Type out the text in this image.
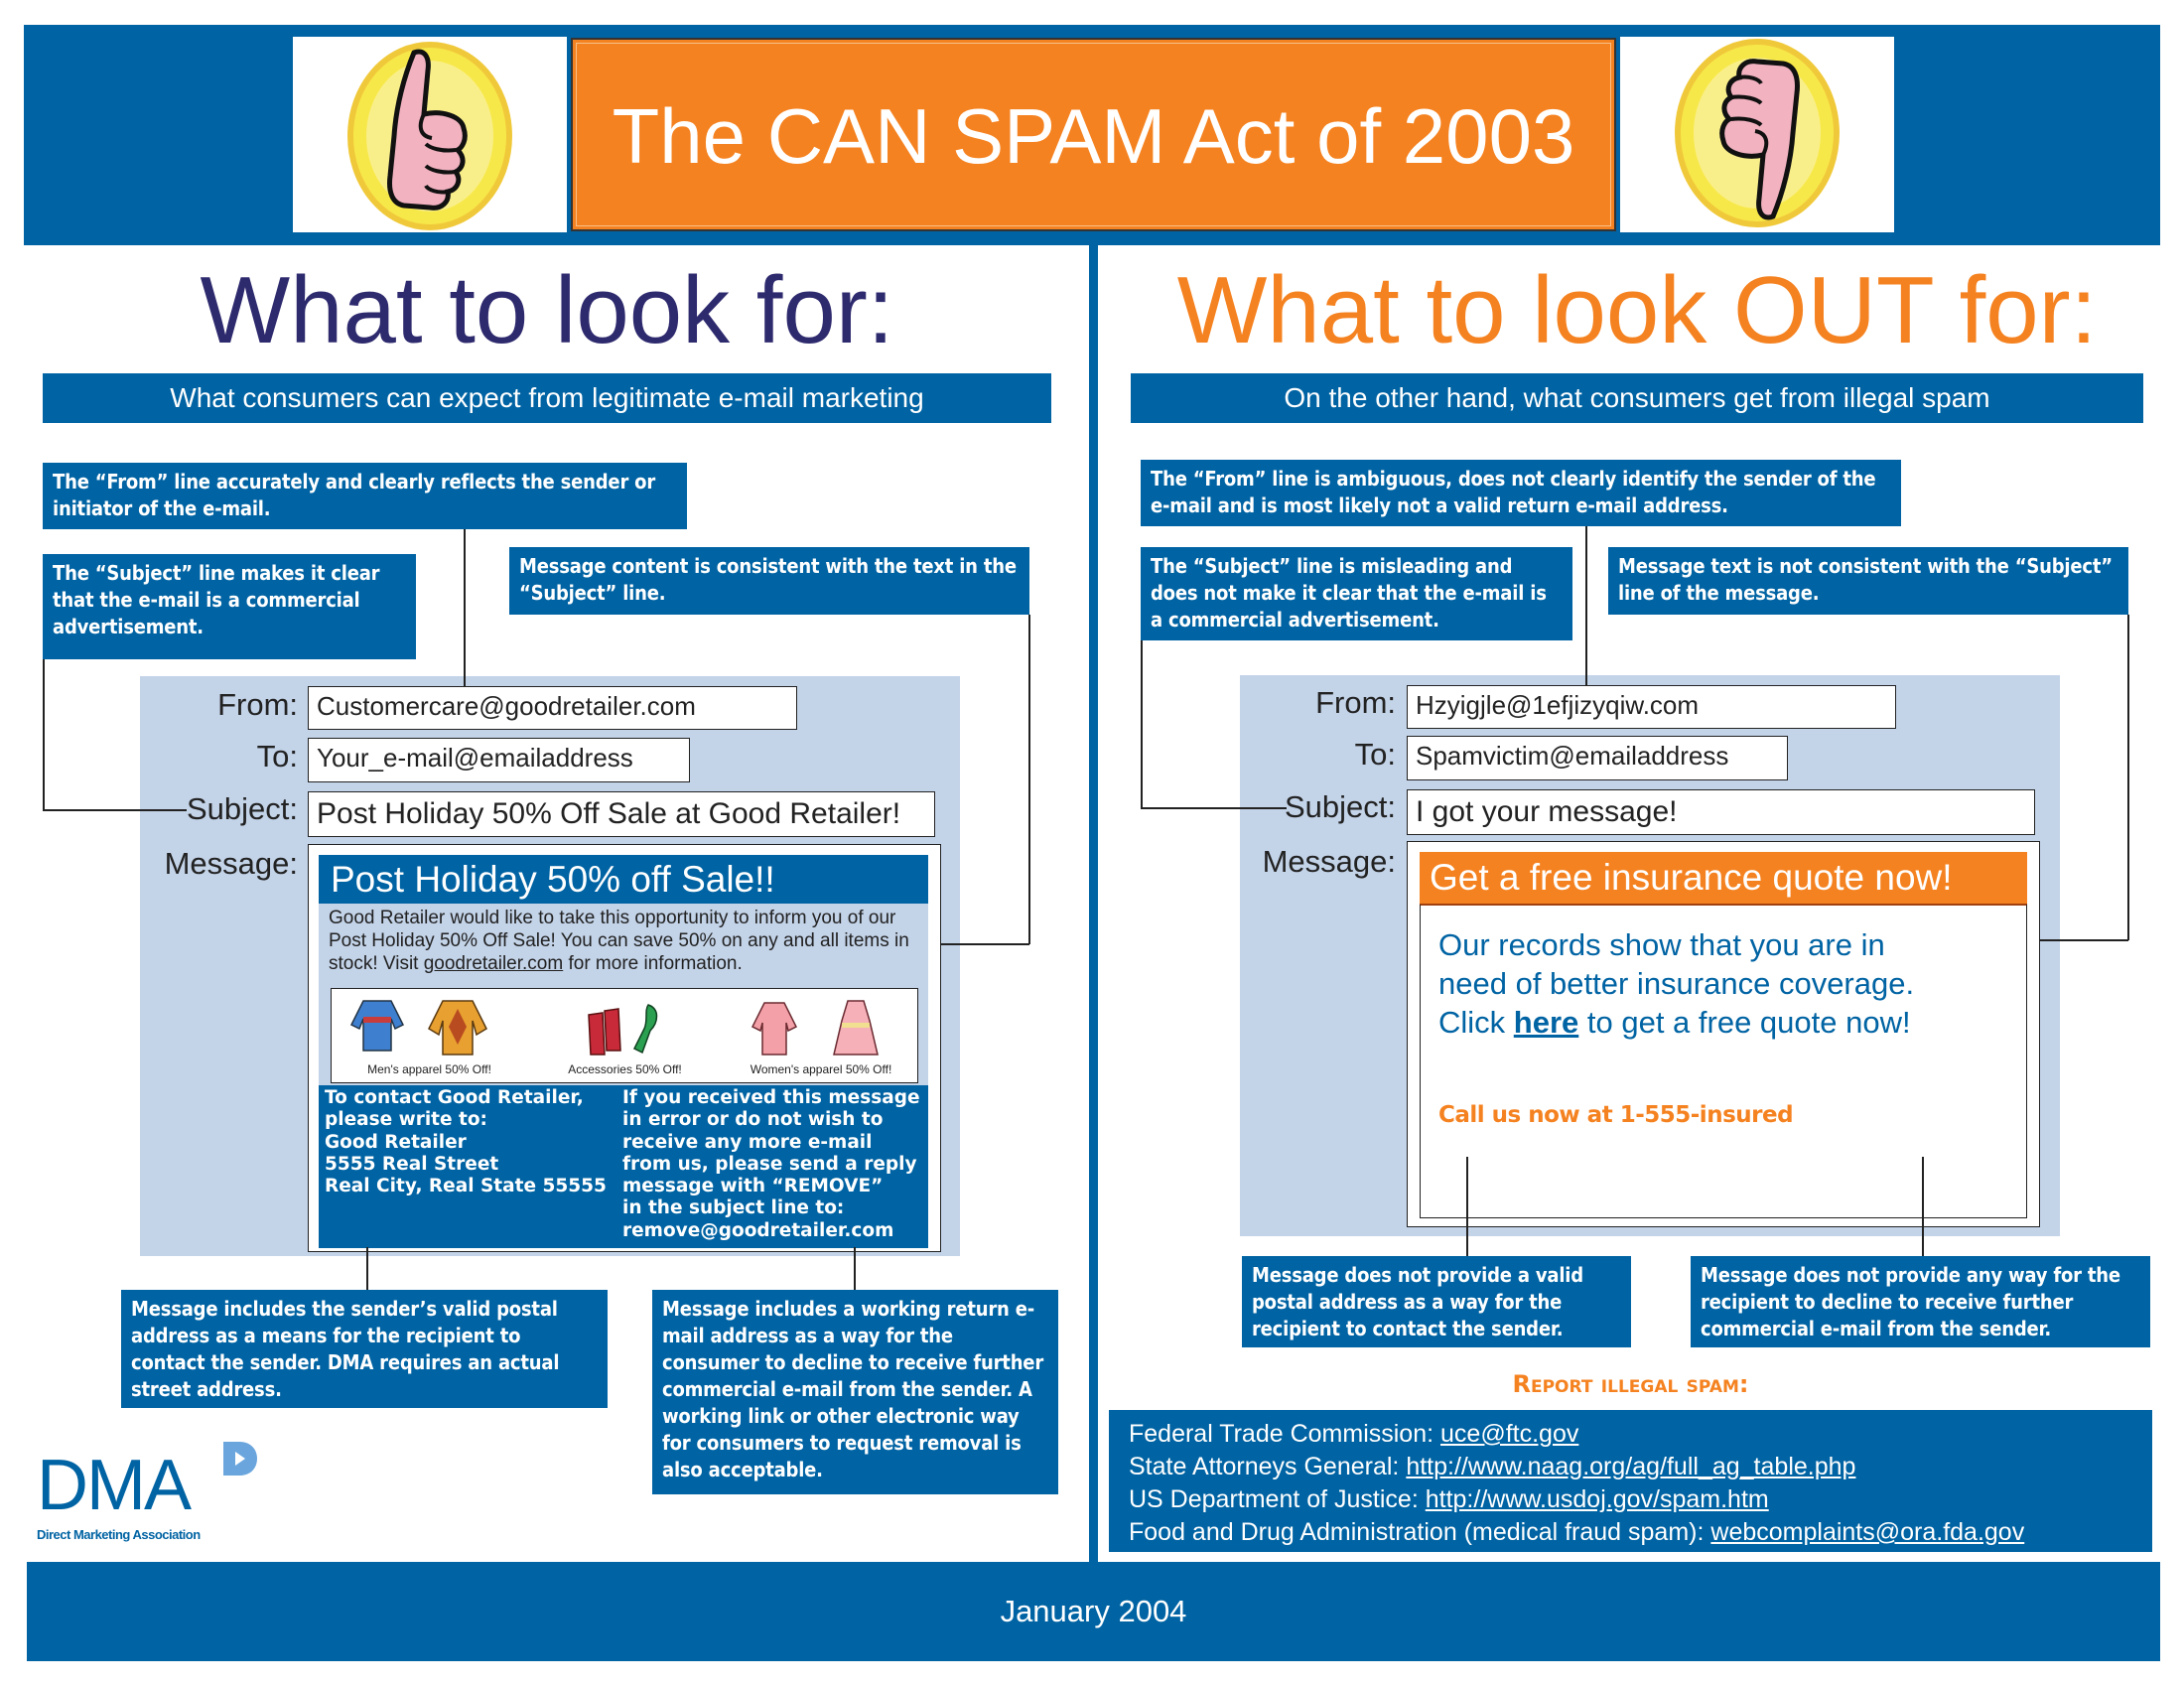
The CAN SPAM Act of 2003
What to look for:
What consumers can expect from legitimate e-mail marketing
The “From” line accurately and clearly reflects the sender or initiator of the e-mail.
The “Subject” line makes it clear that the e-mail is a commercial advertisement.
Message content is consistent with the text in the “Subject” line.
From: Customercare@goodretailer.com
To: Your_e-mail@emailaddress
Subject: Post Holiday 50% Off Sale at Good Retailer!
Message: Post Holiday 50% off Sale!!
Good Retailer would like to take this opportunity to inform you of our Post Holiday 50% Off Sale! You can save 50% on any and all items in stock! Visit goodretailer.com for more information.
Men's apparel 50% Off!	Accessories 50% Off!	Women's apparel 50% Off!
To contact Good Retailer,
please write to:
Good Retailer
5555 Real Street
Real City, Real State 55555
If you received this message
in error or do not wish to
receive any more e-mail
from us, please send a reply
message with “REMOVE”
in the subject line to:
remove@goodretailer.com
Message includes the sender’s valid postal address as a means for the recipient to contact the sender. DMA requires an actual street address.
Message includes a working return e-mail address as a way for the consumer to decline to receive further commercial e-mail from the sender. A working link or other electronic way for consumers to request removal is also acceptable.
DMA
Direct Marketing Association
What to look OUT for:
On the other hand, what consumers get from illegal spam
The “From” line is ambiguous, does not clearly identify the sender of the e-mail and is most likely not a valid return e-mail address.
The “Subject” line is misleading and does not make it clear that the e-mail is a commercial advertisement.
Message text is not consistent with the “Subject” line of the message.
From: Hzyigjle@1efjizyqiw.com
To: Spamvictim@emailaddress
Subject: I got your message!
Message: Get a free insurance quote now!
Our records show that you are in
need of better insurance coverage.
Click here to get a free quote now!
Call us now at 1-555-insured
Message does not provide a valid postal address as a way for the recipient to contact the sender.
Message does not provide any way for the recipient to decline to receive further commercial e-mail from the sender.
Report illegal spam:
Federal Trade Commission: uce@ftc.gov
State Attorneys General: http://www.naag.org/ag/full_ag_table.php
US Department of Justice: http://www.usdoj.gov/spam.htm
Food and Drug Administration (medical fraud spam): webcomplaints@ora.fda.gov
January 2004
